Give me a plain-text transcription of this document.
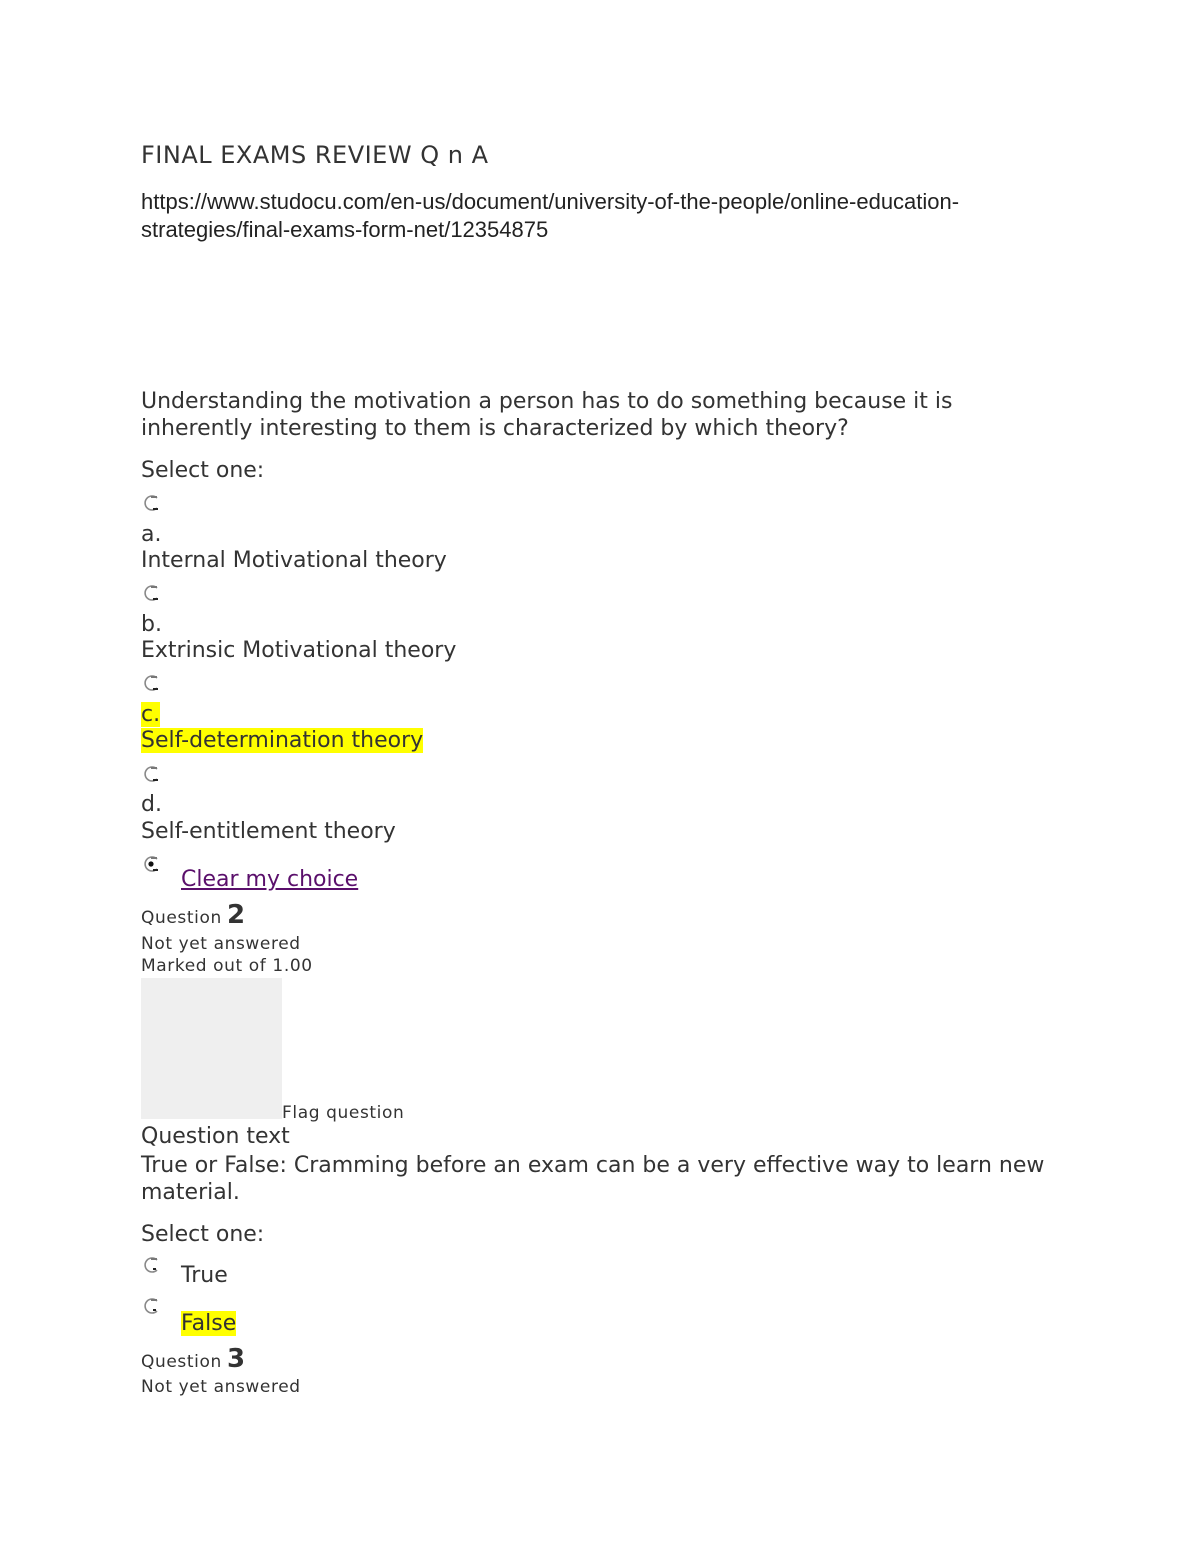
FINAL EXAMS REVIEW Q n A
https://www.studocu.com/en-us/document/university-of-the-people/online-education-strategies/final-exams-form-net/12354875
Understanding the motivation a person has to do something because it is inherently interesting to them is characterized by which theory?
Select one:
a.
Internal Motivational theory
b.
Extrinsic Motivational theory
c.
Self-determination theory
d.
Self-entitlement theory
Clear my choice
Question 2
Not yet answered
Marked out of 1.00
Flag question
Question text
True or False: Cramming before an exam can be a very effective way to learn new material.
Select one:
True
False
Question 3
Not yet answered
